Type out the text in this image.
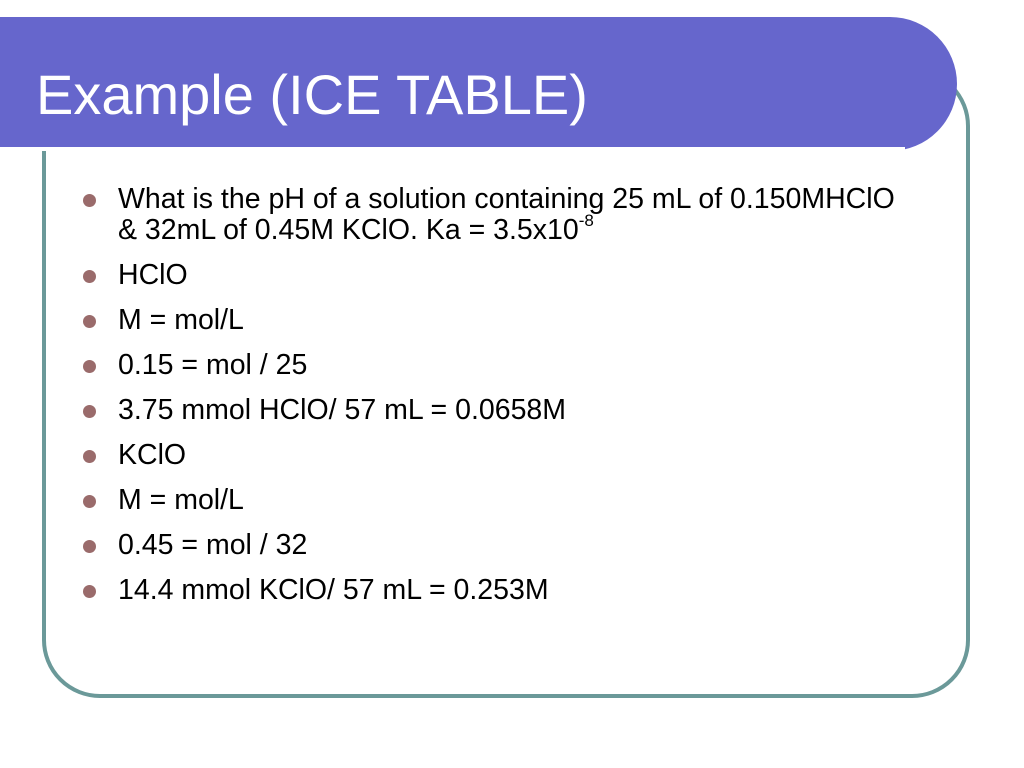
Example (ICE TABLE)
What is the pH of a solution containing 25 mL of 0.150MHClO & 32mL of 0.45M KClO. $Ka = 3.5x10^{-8}$
HClO
M = mol/L
0.15 = mol / 25
3.75 mmol HClO/ 57 mL = 0.0658M
KClO
M = mol/L
0.45 = mol / 32
14.4 mmol KClO/ 57 mL = 0.253M
